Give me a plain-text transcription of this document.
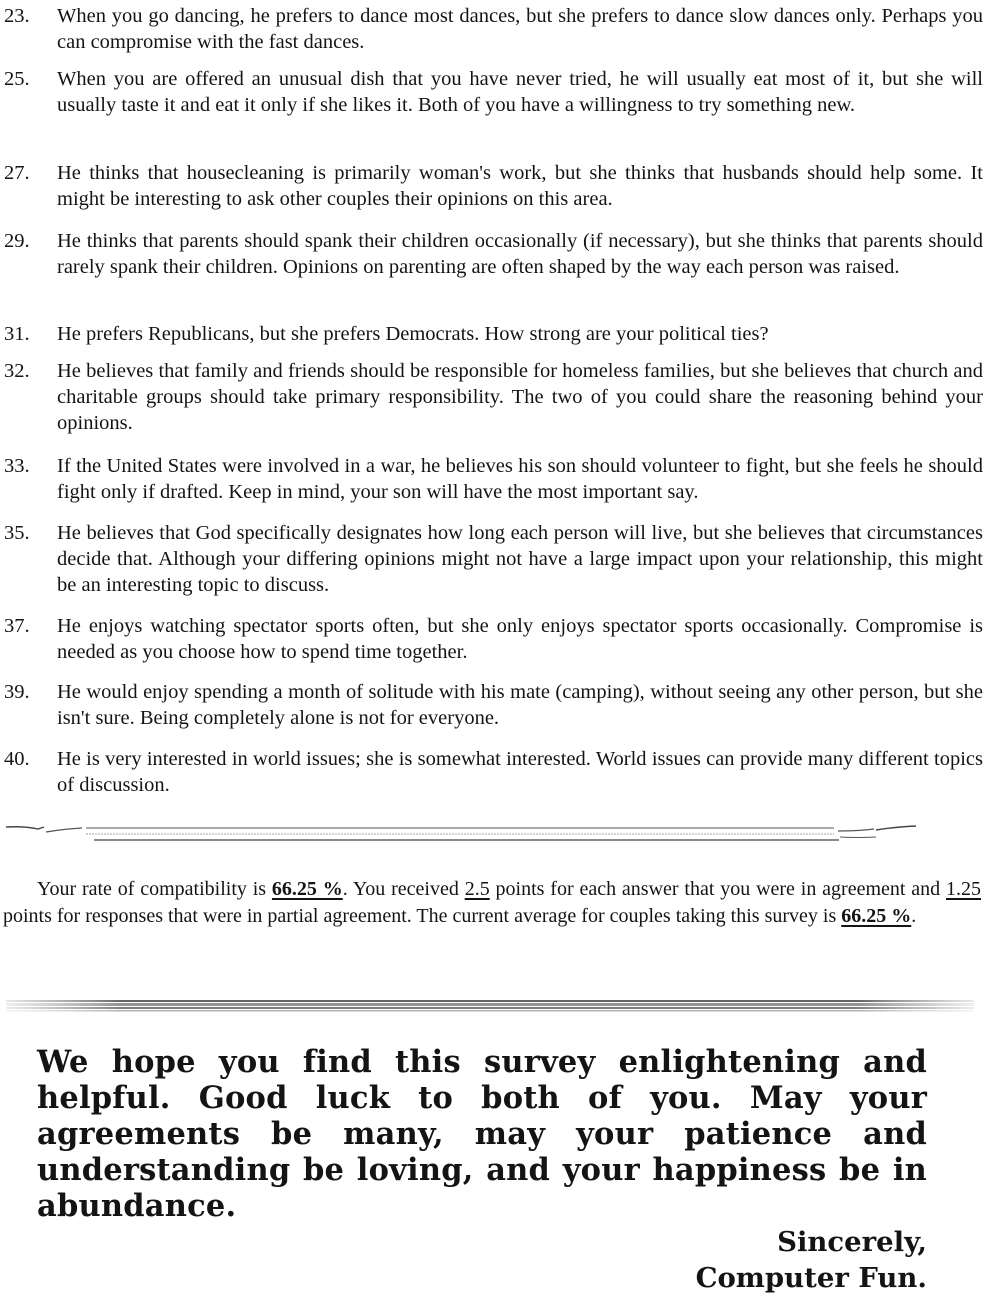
23. When you go dancing, he prefers to dance most dances, but she prefers to dance slow dances only. Perhaps you can compromise with the fast dances.
25. When you are offered an unusual dish that you have never tried, he will usually eat most of it, but she will usually taste it and eat it only if she likes it. Both of you have a willingness to try something new.
27. He thinks that housecleaning is primarily woman's work, but she thinks that husbands should help some. It might be interesting to ask other couples their opinions on this area.
29. He thinks that parents should spank their children occasionally (if necessary), but she thinks that parents should rarely spank their children. Opinions on parenting are often shaped by the way each person was raised.
31. He prefers Republicans, but she prefers Democrats. How strong are your political ties?
32. He believes that family and friends should be responsible for homeless families, but she believes that church and charitable groups should take primary responsibility. The two of you could share the reasoning behind your opinions.
33. If the United States were involved in a war, he believes his son should volunteer to fight, but she feels he should fight only if drafted. Keep in mind, your son will have the most important say.
35. He believes that God specifically designates how long each person will live, but she believes that circumstances decide that. Although your differing opinions might not have a large impact upon your relationship, this might be an interesting topic to discuss.
37. He enjoys watching spectator sports often, but she only enjoys spectator sports occasionally. Compromise is needed as you choose how to spend time together.
39. He would enjoy spending a month of solitude with his mate (camping), without seeing any other person, but she isn't sure. Being completely alone is not for everyone.
40. He is very interested in world issues; she is somewhat interested. World issues can provide many different topics of discussion.
Your rate of compatibility is 66.25 %. You received 2.5 points for each answer that you were in agreement and 1.25 points for responses that were in partial agreement. The current average for couples taking this survey is 66.25 %.
We hope you find this survey enlightening and helpful. Good luck to both of you. May your agreements be many, may your patience and understanding be loving, and your happiness be in abundance.
Sincerely,
Computer Fun.
